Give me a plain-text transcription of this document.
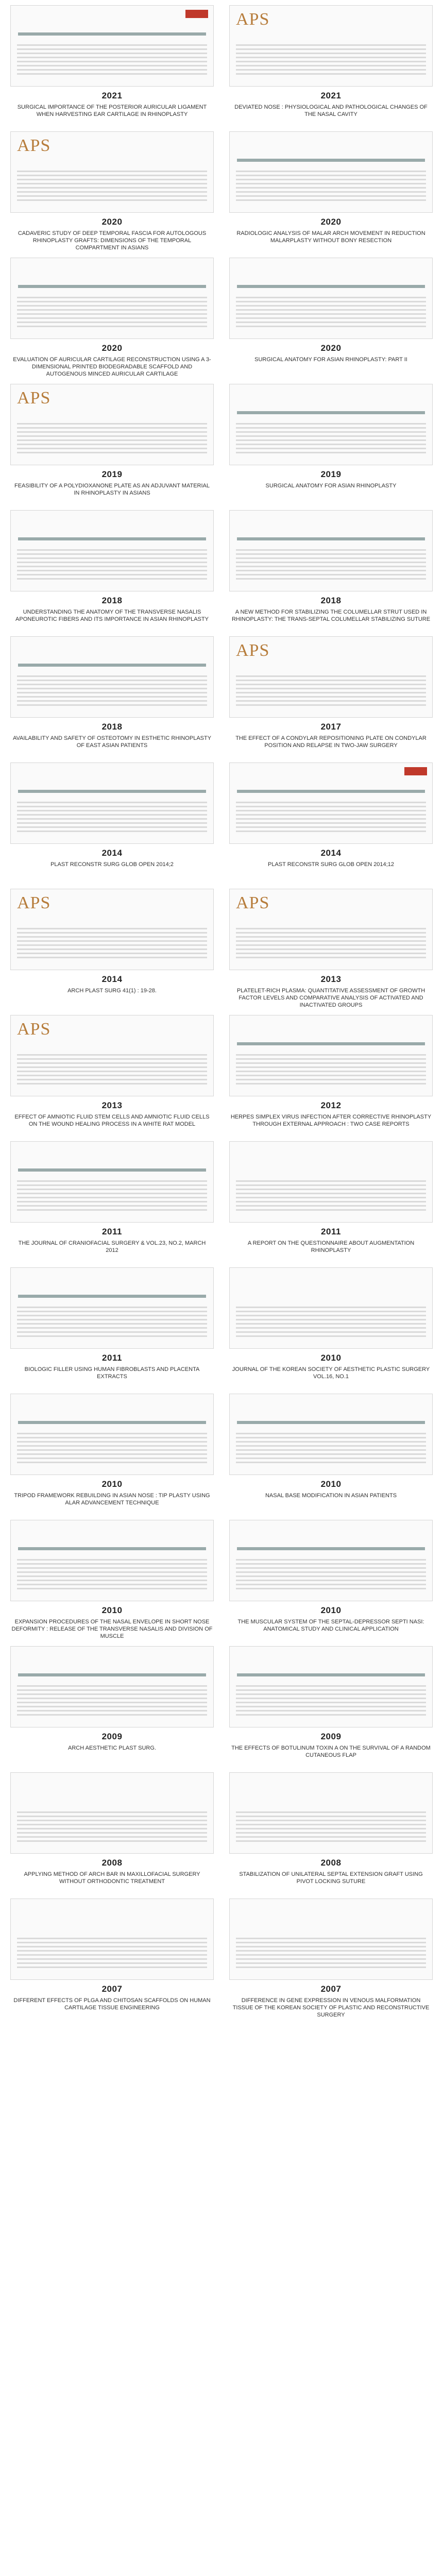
2021
SURGICAL IMPORTANCE OF THE POSTERIOR AURICULAR LIGAMENT WHEN HARVESTING EAR CARTILAGE IN RHINOPLASTY
APS
2021
DEVIATED NOSE : PHYSIOLOGICAL AND PATHOLOGICAL CHANGES OF THE NASAL CAVITY
APS
2020
CADAVERIC STUDY OF DEEP TEMPORAL FASCIA FOR AUTOLOGOUS RHINOPLASTY GRAFTS: DIMENSIONS OF THE TEMPORAL COMPARTMENT IN ASIANS
2020
RADIOLOGIC ANALYSIS OF MALAR ARCH MOVEMENT IN REDUCTION MALARPLASTY WITHOUT BONY RESECTION
2020
EVALUATION OF AURICULAR CARTILAGE RECONSTRUCTION USING A 3-DIMENSIONAL PRINTED BIODEGRADABLE SCAFFOLD AND AUTOGENOUS MINCED AURICULAR CARTILAGE
2020
SURGICAL ANATOMY FOR ASIAN RHINOPLASTY: PART II
APS
2019
FEASIBILITY OF A POLYDIOXANONE PLATE AS AN ADJUVANT MATERIAL IN RHINOPLASTY IN ASIANS
2019
SURGICAL ANATOMY FOR ASIAN RHINOPLASTY
2018
UNDERSTANDING THE ANATOMY OF THE TRANSVERSE NASALIS APONEUROTIC FIBERS AND ITS IMPORTANCE IN ASIAN RHINOPLASTY
2018
A NEW METHOD FOR STABILIZING THE COLUMELLAR STRUT USED IN RHINOPLASTY: THE TRANS-SEPTAL COLUMELLAR STABILIZING SUTURE
2018
AVAILABILITY AND SAFETY OF OSTEOTOMY IN ESTHETIC RHINOPLASTY OF EAST ASIAN PATIENTS
APS
2017
THE EFFECT OF A CONDYLAR REPOSITIONING PLATE ON CONDYLAR POSITION AND RELAPSE IN TWO-JAW SURGERY
2014
PLAST RECONSTR SURG GLOB OPEN 2014;2
2014
PLAST RECONSTR SURG GLOB OPEN 2014;12
APS
2014
ARCH PLAST SURG 41(1) : 19-28.
APS
2013
PLATELET-RICH PLASMA: QUANTITATIVE ASSESSMENT OF GROWTH FACTOR LEVELS AND COMPARATIVE ANALYSIS OF ACTIVATED AND INACTIVATED GROUPS
APS
2013
EFFECT OF AMNIOTIC FLUID STEM CELLS AND AMNIOTIC FLUID CELLS ON THE WOUND HEALING PROCESS IN A WHITE RAT MODEL
2012
HERPES SIMPLEX VIRUS INFECTION AFTER CORRECTIVE RHINOPLASTY THROUGH EXTERNAL APPROACH : TWO CASE REPORTS
2011
THE JOURNAL OF CRANIOFACIAL SURGERY & VOL.23, NO.2, MARCH 2012
2011
A REPORT ON THE QUESTIONNAIRE ABOUT AUGMENTATION RHINOPLASTY
2011
BIOLOGIC FILLER USING HUMAN FIBROBLASTS AND PLACENTA EXTRACTS
2010
JOURNAL OF THE KOREAN SOCIETY OF AESTHETIC PLASTIC SURGERY VOL.16, NO.1
2010
TRIPOD FRAMEWORK REBUILDING IN ASIAN NOSE : TIP PLASTY USING ALAR ADVANCEMENT TECHNIQUE
2010
NASAL BASE MODIFICATION IN ASIAN PATIENTS
2010
EXPANSION PROCEDURES OF THE NASAL ENVELOPE IN SHORT NOSE DEFORMITY : RELEASE OF THE TRANSVERSE NASALIS AND DIVISION OF MUSCLE
2010
THE MUSCULAR SYSTEM OF THE SEPTAL-DEPRESSOR SEPTI NASI: ANATOMICAL STUDY AND CLINICAL APPLICATION
2009
ARCH AESTHETIC PLAST SURG.
2009
THE EFFECTS OF BOTULINUM TOXIN A ON THE SURVIVAL OF A RANDOM CUTANEOUS FLAP
2008
APPLYING METHOD OF ARCH BAR IN MAXILLOFACIAL SURGERY WITHOUT ORTHODONTIC TREATMENT
2008
STABILIZATION OF UNILATERAL SEPTAL EXTENSION GRAFT USING PIVOT LOCKING SUTURE
2007
DIFFERENT EFFECTS OF PLGA AND CHITOSAN SCAFFOLDS ON HUMAN CARTILAGE TISSUE ENGINEERING
2007
DIFFERENCE IN GENE EXPRESSION IN VENOUS MALFORMATION TISSUE OF THE KOREAN SOCIETY OF PLASTIC AND RECONSTRUCTIVE SURGERY
